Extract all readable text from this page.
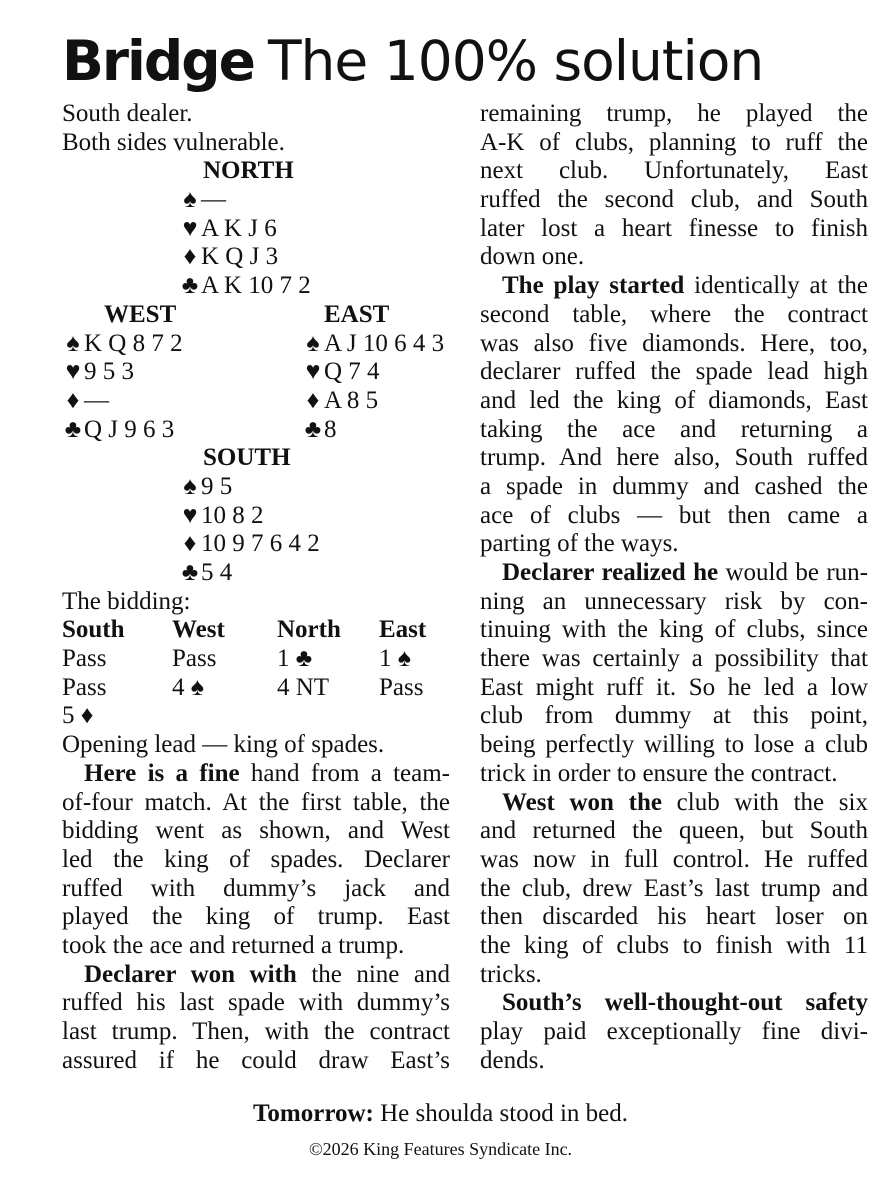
Bridge The 100% solution
South dealer.
Both sides vulnerable.
NORTH
♠ —
♥ A K J 6
♦ K Q J 3
♣ A K 10 7 2
WEST	EAST
♠ K Q 8 7 2	♠ A J 10 6 4 3
♥ 9 5 3	♥ Q 7 4
♦ —	♦ A 8 5
♣ Q J 9 6 3	♣ 8
SOUTH
♠ 9 5
♥ 10 8 2
♦ 10 9 7 6 4 2
♣ 5 4
The bidding:
South	West	North	East
Pass	Pass	1 ♣	1 ♠
Pass	4 ♠	4 NT	Pass
5 ♦			
Opening lead — king of spades.
Here is a fine hand from a team-
of-four match. At the first table, the
bidding went as shown, and West
led the king of spades. Declarer
ruffed with dummy’s jack and
played the king of trump. East
took the ace and returned a trump.
Declarer won with the nine and
ruffed his last spade with dummy’s
last trump. Then, with the contract
assured if he could draw East’s
remaining trump, he played the
A-K of clubs, planning to ruff the
next club. Unfortunately, East
ruffed the second club, and South
later lost a heart finesse to finish
down one.
The play started identically at the
second table, where the contract
was also five diamonds. Here, too,
declarer ruffed the spade lead high
and led the king of diamonds, East
taking the ace and returning a
trump. And here also, South ruffed
a spade in dummy and cashed the
ace of clubs — but then came a
parting of the ways.
Declarer realized he would be run-
ning an unnecessary risk by con-
tinuing with the king of clubs, since
there was certainly a possibility that
East might ruff it. So he led a low
club from dummy at this point,
being perfectly willing to lose a club
trick in order to ensure the contract.
West won the club with the six
and returned the queen, but South
was now in full control. He ruffed
the club, drew East’s last trump and
then discarded his heart loser on
the king of clubs to finish with 11
tricks.
South’s well-thought-out safety
play paid exceptionally fine divi-
dends.
Tomorrow: He shoulda stood in bed.
©2026 King Features Syndicate Inc.
